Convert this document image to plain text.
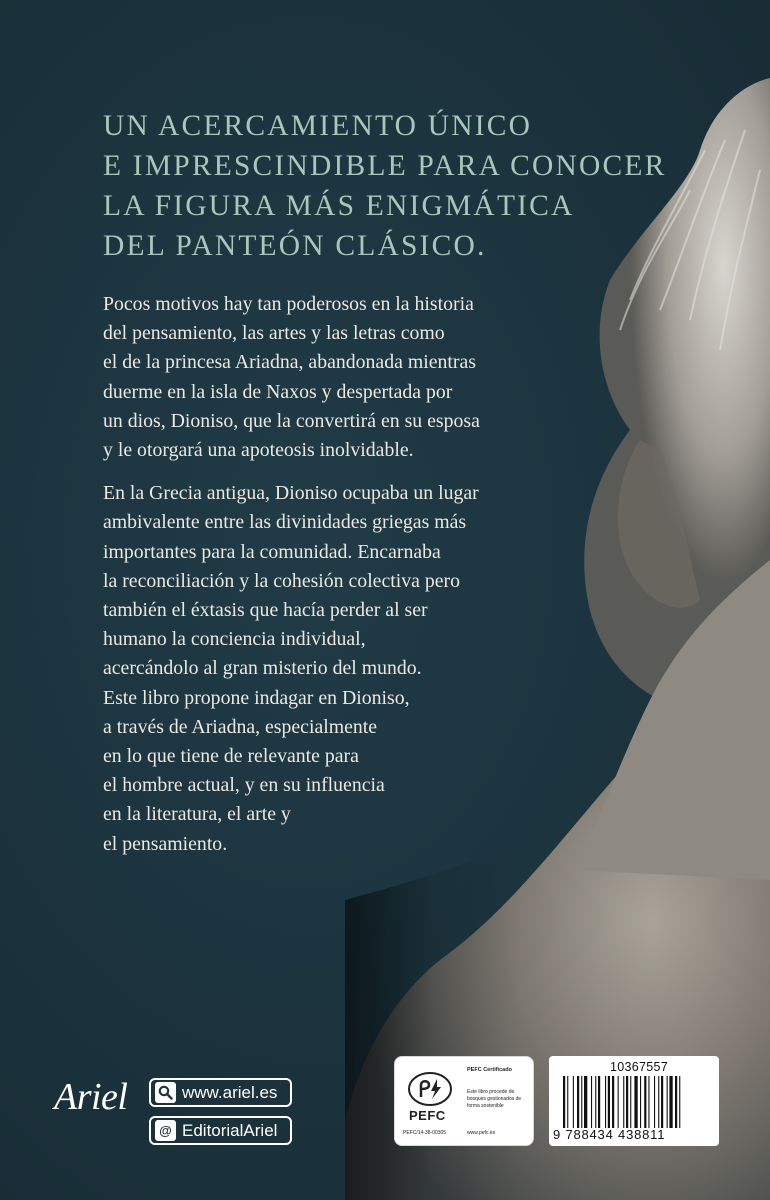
UN ACERCAMIENTO ÚNICO
E IMPRESCINDIBLE PARA CONOCER
LA FIGURA MÁS ENIGMÁTICA
DEL PANTEÓN CLÁSICO.
Pocos motivos hay tan poderosos en la historia
del pensamiento, las artes y las letras como
el de la princesa Ariadna, abandonada mientras
duerme en la isla de Naxos y despertada por
un dios, Dioniso, que la convertirá en su esposa
y le otorgará una apoteosis inolvidable.
En la Grecia antigua, Dioniso ocupaba un lugar
ambivalente entre las divinidades griegas más
importantes para la comunidad. Encarnaba
la reconciliación y la cohesión colectiva pero
también el éxtasis que hacía perder al ser
humano la conciencia individual,
acercándolo al gran misterio del mundo.
Este libro propone indagar en Dioniso,
a través de Ariadna, especialmente
en lo que tiene de relevante para
el hombre actual, y en su influencia
en la literatura, el arte y
el pensamiento.
Ariel	www.ariel.es
@ EditorialAriel
PEFC
PEFC Certificado
Este libro procede de bosques gestionados de forma sostenible
PEFC/14-38-00305	www.pefc.es
10367557
9 788434 438811
